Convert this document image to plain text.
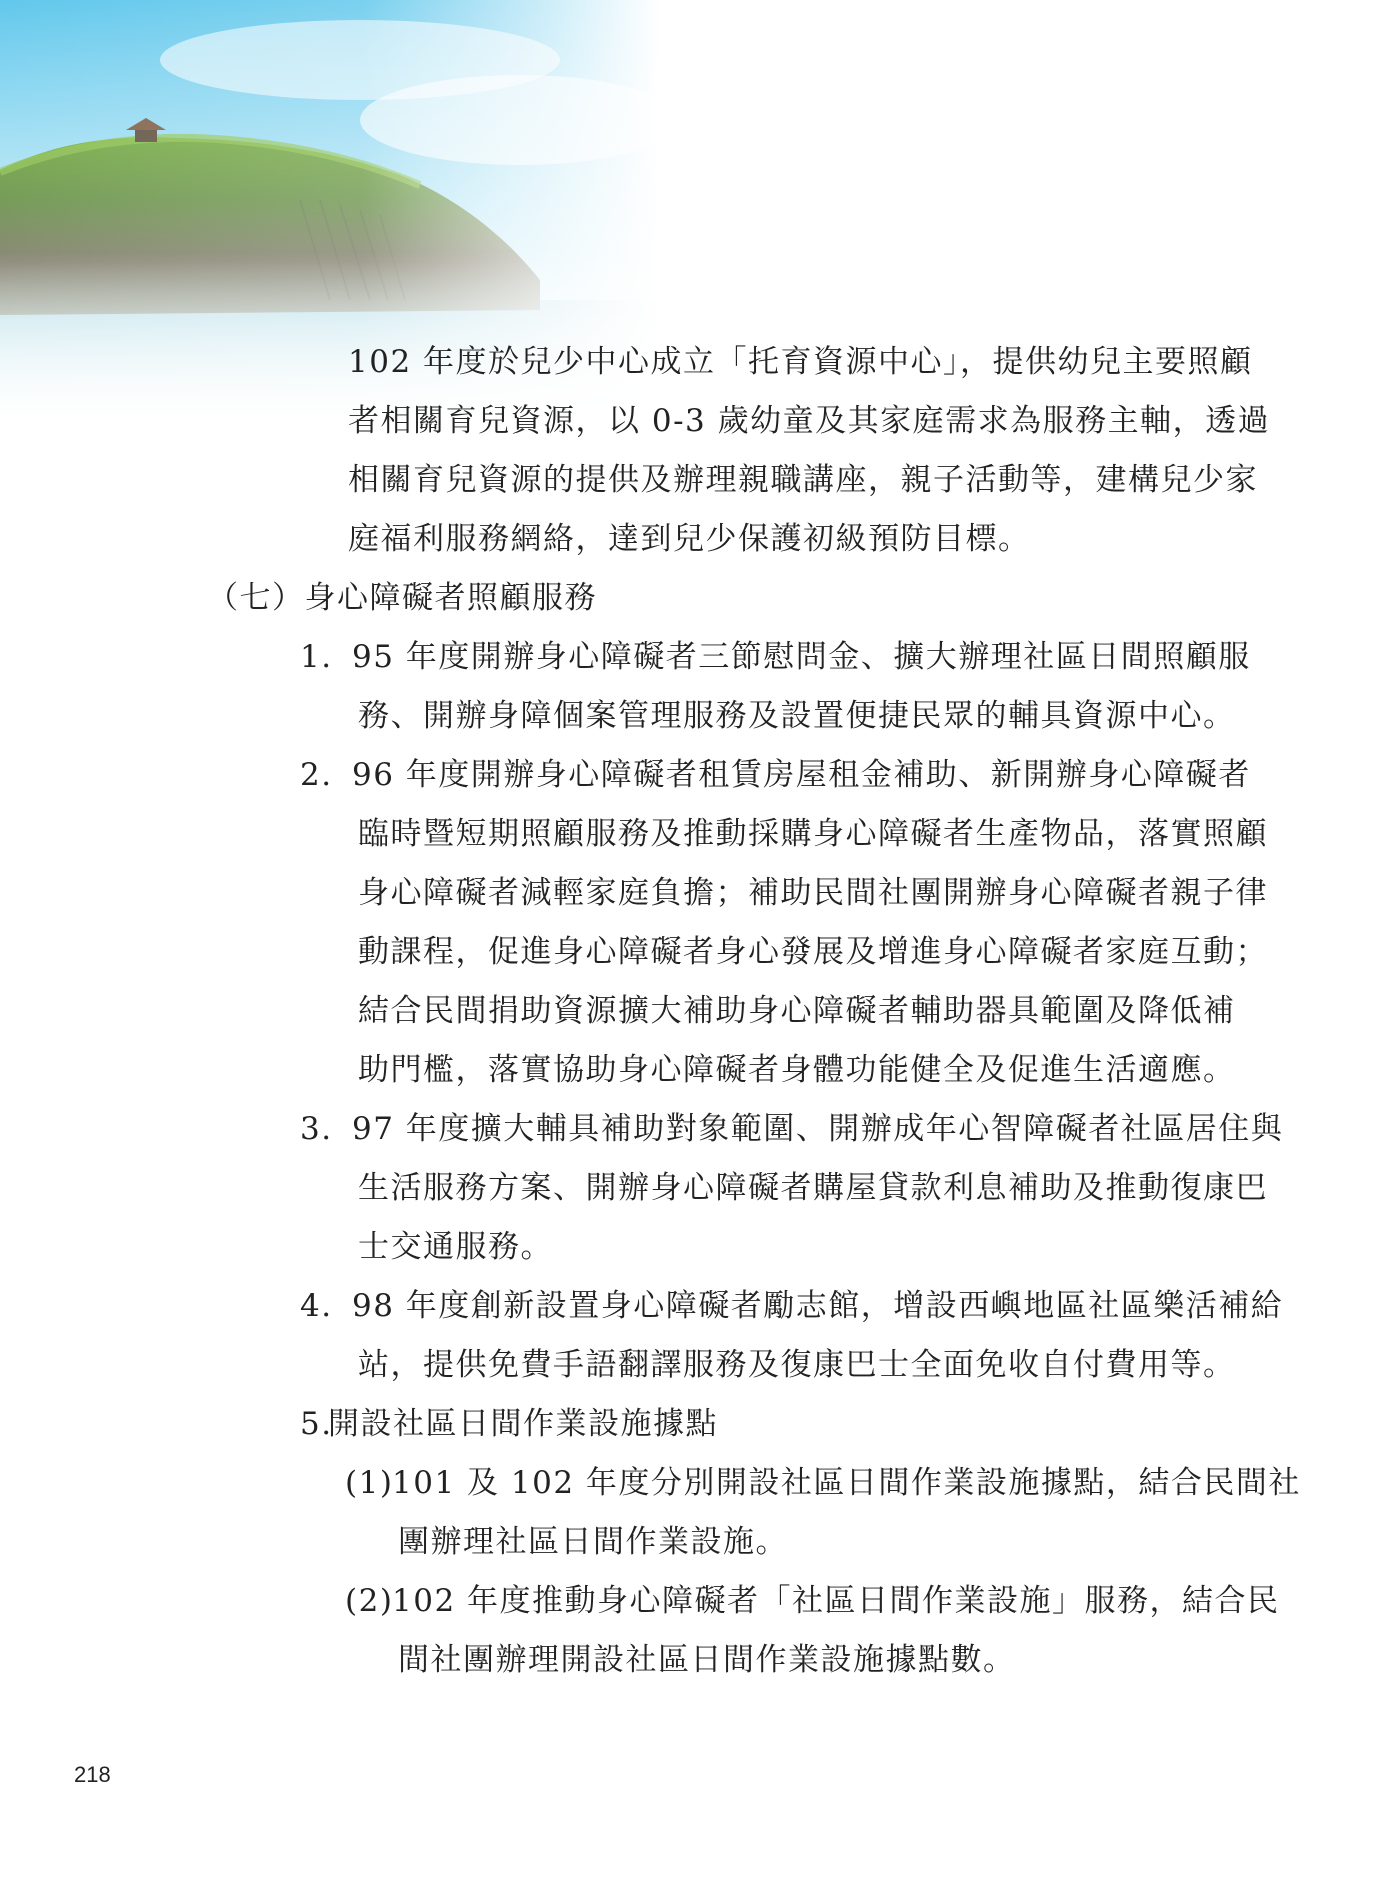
102 年度於兒少中心成立「托育資源中心」，提供幼兒主要照顧
者相關育兒資源，以 0-3 歲幼童及其家庭需求為服務主軸，透過
相關育兒資源的提供及辦理親職講座，親子活動等，建構兒少家
庭福利服務網絡，達到兒少保護初級預防目標。
（七）身心障礙者照顧服務
1. 95 年度開辦身心障礙者三節慰問金、擴大辦理社區日間照顧服
務、開辦身障個案管理服務及設置便捷民眾的輔具資源中心。
2. 96 年度開辦身心障礙者租賃房屋租金補助、新開辦身心障礙者
臨時暨短期照顧服務及推動採購身心障礙者生產物品，落實照顧
身心障礙者減輕家庭負擔；補助民間社團開辦身心障礙者親子律
動課程，促進身心障礙者身心發展及增進身心障礙者家庭互動；
結合民間捐助資源擴大補助身心障礙者輔助器具範圍及降低補
助門檻，落實協助身心障礙者身體功能健全及促進生活適應。
3. 97 年度擴大輔具補助對象範圍、開辦成年心智障礙者社區居住與
生活服務方案、開辦身心障礙者購屋貸款利息補助及推動復康巴
士交通服務。
4. 98 年度創新設置身心障礙者勵志館，增設西嶼地區社區樂活補給
站，提供免費手語翻譯服務及復康巴士全面免收自付費用等。
5.
開設社區日間作業設施據點
(1)
101 及 102 年度分別開設社區日間作業設施據點，結合民間社
團辦理社區日間作業設施。
(2)
102 年度推動身心障礙者「社區日間作業設施」服務，結合民
間社團辦理開設社區日間作業設施據點數。
218
